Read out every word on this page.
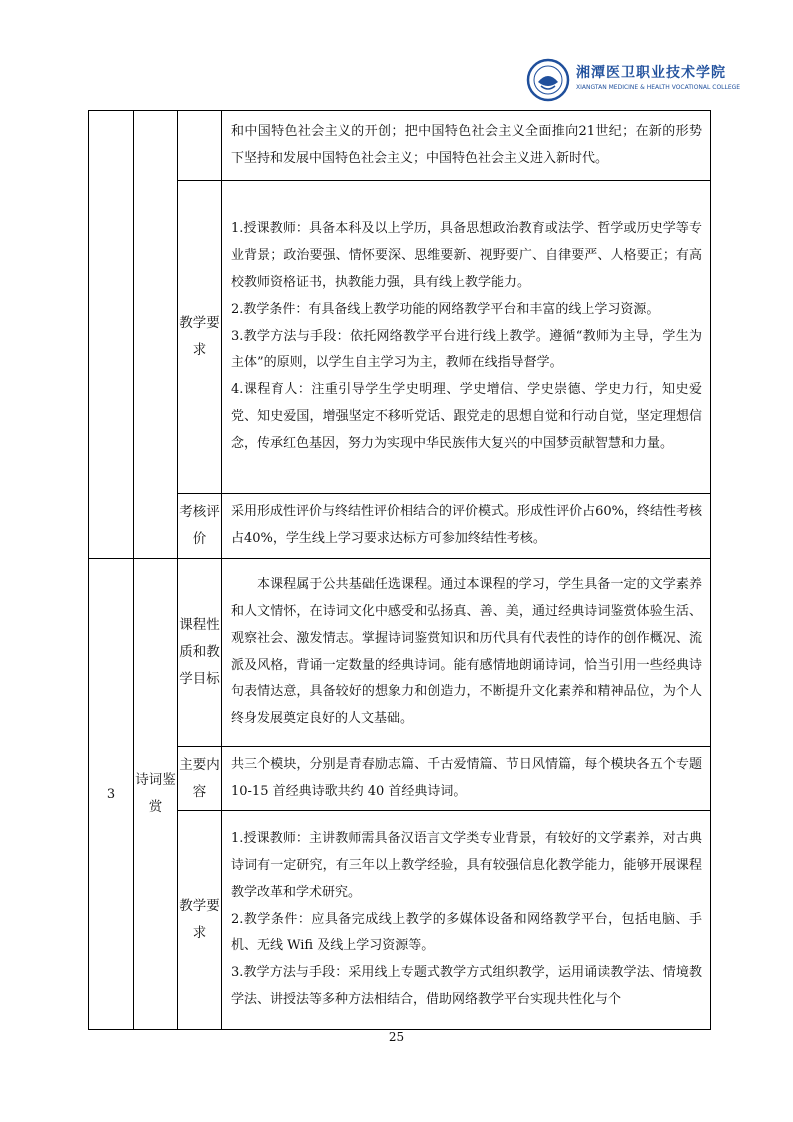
湘潭医卫职业技术学院
XIANGTAN MEDICINE & HEALTH VOCATIONAL COLLEGE

			和中国特色社会主义的开创；把中国特色社会主义全面推向21世纪；在新的形势下坚持和发展中国特色社会主义；中国特色社会主义进入新时代。

		教学要求	1.授课教师：具备本科及以上学历，具备思想政治教育或法学、哲学或历史学等专业背景；政治要强、情怀要深、思维要新、视野要广、自律要严、人格要正；有高校教师资格证书，执教能力强，具有线上教学能力。

2.教学条件：有具备线上教学功能的网络教学平台和丰富的线上学习资源。

3.教学方法与手段：依托网络教学平台进行线上教学。遵循“教师为主导，学生为主体”的原则，以学生自主学习为主，教师在线指导督学。

4.课程育人：注重引导学生学史明理、学史增信、学史崇德、学史力行，知史爱党、知史爱国，增强坚定不移听党话、跟党走的思想自觉和行动自觉，坚定理想信念，传承红色基因，努力为实现中华民族伟大复兴的中国梦贡献智慧和力量。

		考核评价	采用形成性评价与终结性评价相结合的评价模式。形成性评价占60%，终结性考核占40%，学生线上学习要求达标方可参加终结性考核。
3	诗词鉴赏	课程性质和教学目标	本课程属于公共基础任选课程。通过本课程的学习，学生具备一定的文学素养和人文情怀，在诗词文化中感受和弘扬真、善、美，通过经典诗词鉴赏体验生活、观察社会、激发情志。掌握诗词鉴赏知识和历代具有代表性的诗作的创作概况、流派及风格，背诵一定数量的经典诗词。能有感情地朗诵诗词，恰当引用一些经典诗句表情达意，具备较好的想象力和创造力，不断提升文化素养和精神品位，为个人终身发展奠定良好的人文基础。

		主要内容	共三个模块，分别是青春励志篇、千古爱情篇、节日风情篇，每个模块各五个专题 10-15 首经典诗歌共约 40 首经典诗词。
		教学要求	1.授课教师：主讲教师需具备汉语言文学类专业背景，有较好的文学素养，对古典诗词有一定研究，有三年以上教学经验，具有较强信息化教学能力，能够开展课程教学改革和学术研究。

2.教学条件：应具备完成线上教学的多媒体设备和网络教学平台，包括电脑、手机、无线 Wifi 及线上学习资源等。

3.教学方法与手段：采用线上专题式教学方式组织教学，运用诵读教学法、情境教学法、讲授法等多种方法相结合，借助网络教学平台实现共性化与个

25
